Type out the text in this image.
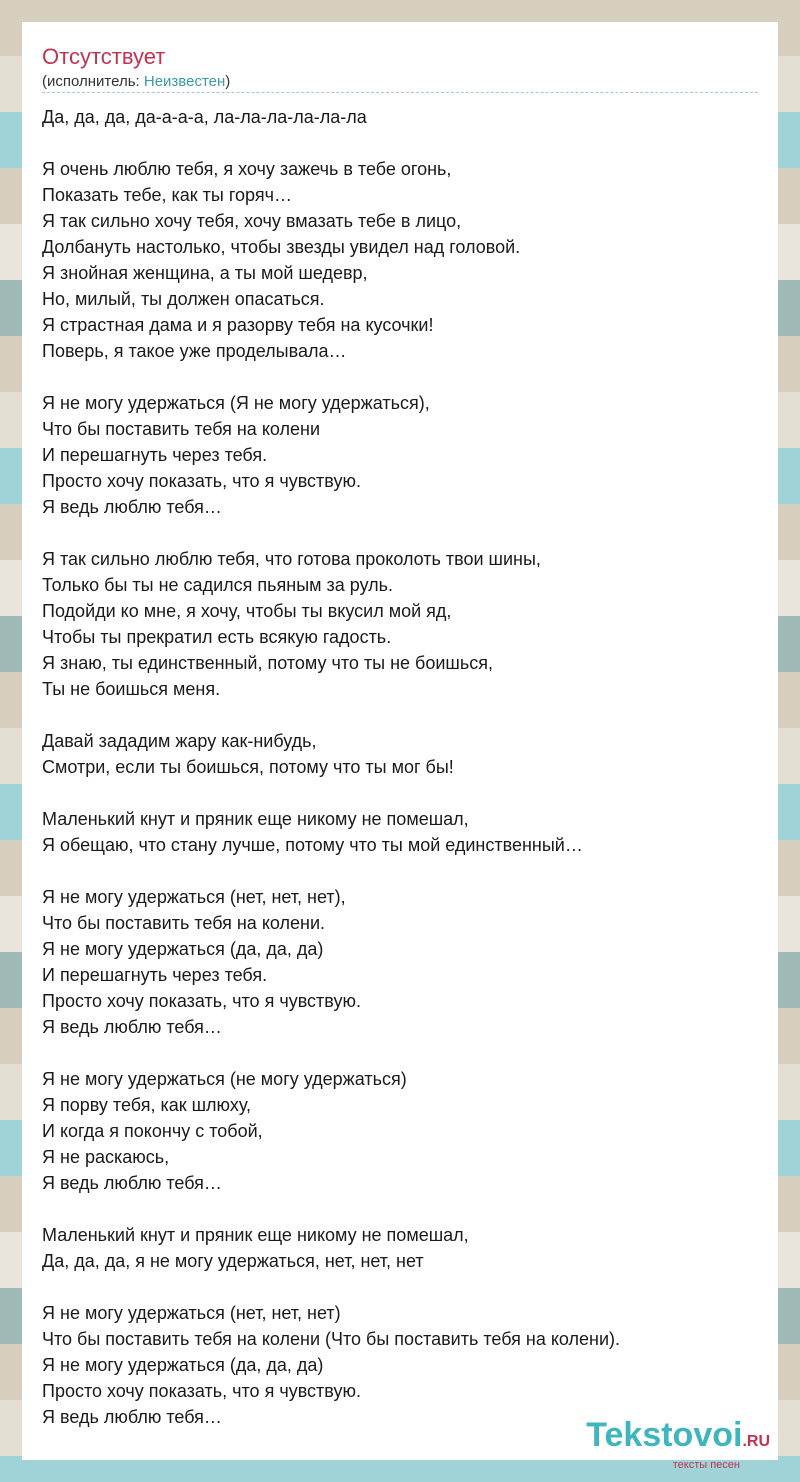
Отсутствует
(исполнитель: Неизвестен)
Да, да, да, да-а-а-а, ла-ла-ла-ла-ла-ла
Я очень люблю тебя, я хочу зажечь в тебе огонь,
Показать тебе, как ты горяч…
Я так сильно хочу тебя, хочу вмазать тебе в лицо,
Долбануть настолько, чтобы звезды увидел над головой.
Я знойная женщина, а ты мой шедевр,
Но, милый, ты должен опасаться.
Я страстная дама и я разорву тебя на кусочки!
Поверь, я такое уже проделывала…
Я не могу удержаться (Я не могу удержаться),
Что бы поставить тебя на колени
И перешагнуть через тебя.
Просто хочу показать, что я чувствую.
Я ведь люблю тебя…
Я так сильно люблю тебя, что готова проколоть твои шины,
Только бы ты не садился пьяным за руль.
Подойди ко мне, я хочу, чтобы ты вкусил мой яд,
Чтобы ты прекратил есть всякую гадость.
Я знаю, ты единственный, потому что ты не боишься,
Ты не боишься меня.
Давай зададим жару как-нибудь,
Смотри, если ты боишься, потому что ты мог бы!
Маленький кнут и пряник еще никому не помешал,
Я обещаю, что стану лучше, потому что ты мой единственный…
Я не могу удержаться (нет, нет, нет),
Что бы поставить тебя на колени.
Я не могу удержаться (да, да, да)
И перешагнуть через тебя.
Просто хочу показать, что я чувствую.
Я ведь люблю тебя…
Я не могу удержаться (не могу удержаться)
Я порву тебя, как шлюху,
И когда я покончу с тобой,
Я не раскаюсь,
Я ведь люблю тебя…
Маленький кнут и пряник еще никому не помешал,
Да, да, да, я не могу удержаться, нет, нет, нет
Я не могу удержаться (нет, нет, нет)
Что бы поставить тебя на колени (Что бы поставить тебя на колени).
Я не могу удержаться (да, да, да)
Просто хочу показать, что я чувствую.
Я ведь люблю тебя…	Tekstovoi.RU
тексты песен
